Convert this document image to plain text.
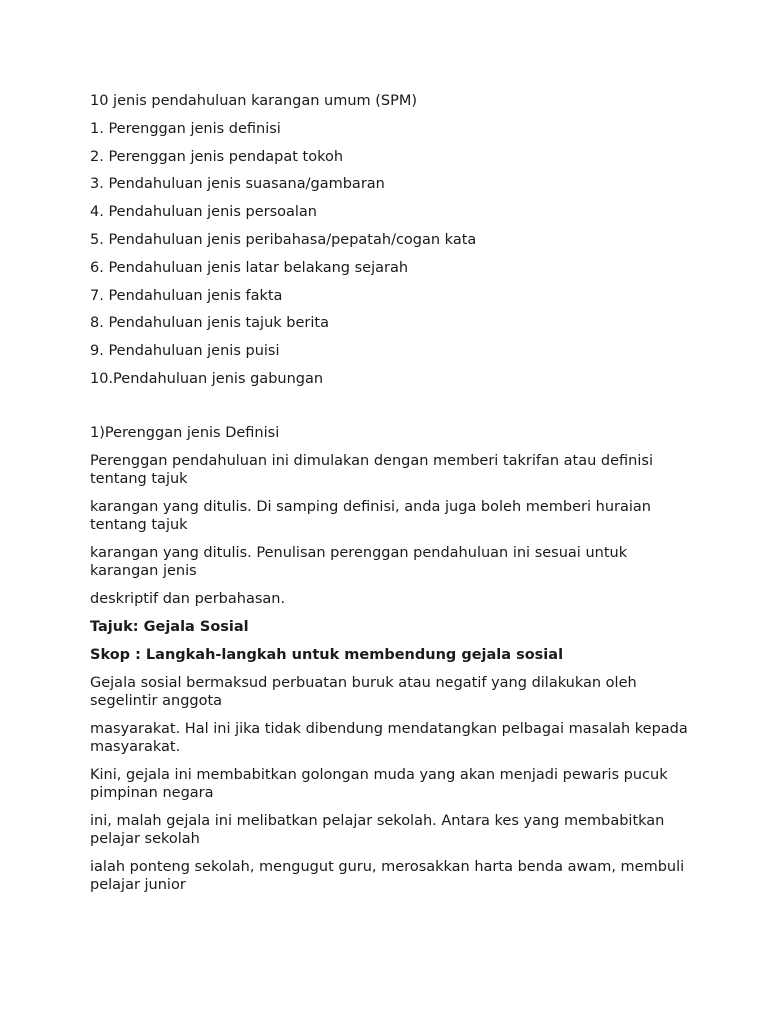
10 jenis pendahuluan karangan umum (SPM)
1. Perenggan jenis definisi
2. Perenggan jenis pendapat tokoh
3. Pendahuluan jenis suasana/gambaran
4. Pendahuluan jenis persoalan
5. Pendahuluan jenis peribahasa/pepatah/cogan kata
6. Pendahuluan jenis latar belakang sejarah
7. Pendahuluan jenis fakta
8. Pendahuluan jenis tajuk berita
9. Pendahuluan jenis puisi
10.Pendahuluan jenis gabungan
1)Perenggan jenis Definisi
Perenggan pendahuluan ini dimulakan dengan memberi takrifan atau definisi tentang tajuk
karangan yang ditulis. Di samping definisi, anda juga boleh memberi huraian tentang tajuk
karangan yang ditulis. Penulisan perenggan pendahuluan ini sesuai untuk karangan jenis
deskriptif dan perbahasan.
Tajuk: Gejala Sosial
Skop : Langkah-langkah untuk membendung gejala sosial
Gejala sosial bermaksud perbuatan buruk atau negatif yang dilakukan oleh segelintir anggota
masyarakat. Hal ini jika tidak dibendung mendatangkan pelbagai masalah kepada masyarakat.
Kini, gejala ini membabitkan golongan muda yang akan menjadi pewaris pucuk pimpinan negara
ini, malah gejala ini melibatkan pelajar sekolah. Antara kes yang membabitkan pelajar sekolah
ialah ponteng sekolah, mengugut guru, merosakkan harta benda awam, membuli pelajar junior
